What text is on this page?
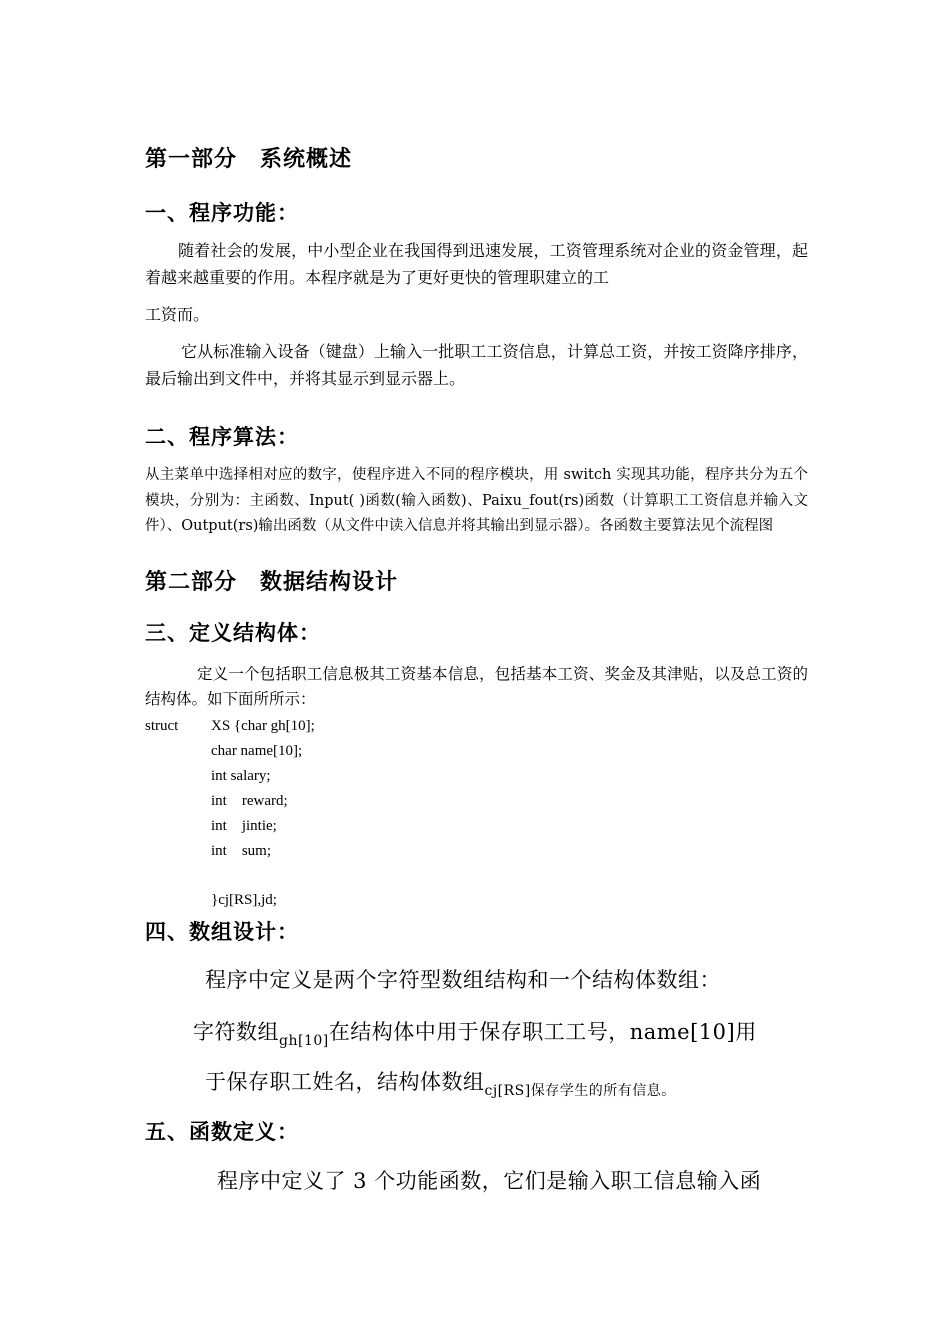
第一部分　系统概述
一、程序功能：

随着社会的发展，中小型企业在我国得到迅速发展，工资管理系统对企业的资金管理，起着越来越重要的作用。本程序就是为了更好更快的管理职建立的工

工资而。

它从标准输入设备（键盘）上输入一批职工工资信息，计算总工资，并按工资降序排序，最后输出到文件中，并将其显示到显示器上。

二、程序算法：

从主菜单中选择相对应的数字，使程序进入不同的程序模块，用 switch 实现其功能，程序共分为五个模块，分别为：主函数、Input( )函数(输入函数)、Paixu_fout(rs)函数（计算职工工资信息并输入文件）、Output(rs)输出函数（从文件中读入信息并将其输出到显示器）。各函数主要算法见个流程图

第二部分　数据结构设计
三、定义结构体：

定义一个包括职工信息极其工资基本信息，包括基本工资、奖金及其津贴，以及总工资的结构体。如下面所所示：

struct XS {char gh[10];
char name[10];
int salary;
int    reward;
int    jintie;
int    sum;
}cj[RS],jd;
四、数组设计：

程序中定义是两个字符型数组结构和一个结构体数组：

字符数组$_{gh[10]}$在结构体中用于保存职工工号，name[10]用

于保存职工姓名，结构体数组$_{cj[RS]保存学生的所有信息。}$

五、函数定义：

程序中定义了 3 个功能函数，它们是输入职工信息输入函
